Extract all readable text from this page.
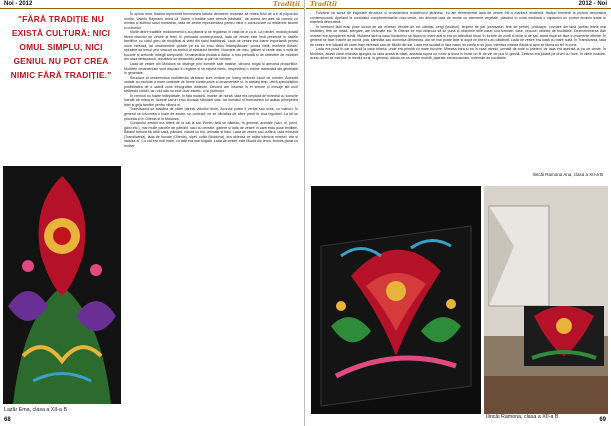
Noi - 2012	Tradiții
"FĂRĂ TRADIȚIE NU EXISTĂ CULTURĂ: NICI OMUL SIMPLU, NICI GENIUL NU POT CREA NIMIC FĂRĂ TRADIȚIE."

În opinia mea, tradiția reprezintă frumusețea satului deoarece reușește să redea felul de a fi al poporului nostru. Valeriu Râpeanu zicea că "Avem o tradiție care trebuie păstrată", de aceea am ales să cunosc cu mintea și sufletul satul românesc, lada de zestre reprezentând pentru mine o comunicare cu misterele istoriei și culturilor.

Multe dintre tradițiile moldovenești s-au păstrat și se regăsesc în viața de zi cu zi. La români, mobila pictată făcea obiectul de zestre al fetei. În perioada contemporană, lada de zestre este încă prezentă în casele familiilor, cu ciclul greu de modificat al vieții din satul tradițional. Lada de zestre era foarte importantă pentru orice mireasă, iar ornamentele pictate pe ea nu erau deloc întâmplătoare: pomul vieții, motivele florale, spiralele au trecut prin veacuri ca simbol al statutului familiei. Nuanțele de roșu, galben și verde dau o notă de bucurie și armonie întregii compoziții. Ornamentica pictată a lăzilor a fost preluată și de obiectele de mobilier din casa țărănească, rezultând un ansamblu unitar și plin de culoare.

Lada de zestre din Moldova se distinge prin formele sale masive, decorul bogat și armonia proporțiilor. Motivele ornamentale sunt dispuse în registre și se repetă ritmic, respectând o ordine transmisă din generație în generație.

Structura și ornamentica mobilierului țărănesc sunt unitare pe întreg teritoriul locuit de români. Această unitate nu exclude o mare varietate de forme constructive și ornamentale și, în același timp, oferă specialiștilor posibilitatea de a stabili zone etnografice distincte. Decorul are înscrise în el semne și mesaje ale unei străvechi culturi, iar rolul său nu este doar estetic, ci și protector.

În vremuri nu foarte îndepărtate, în fața noastră, înainte de nuntă, lada era umplută de mireasă cu lucrurile lucrate de mâna ei. Aceste lucruri erau dovada hărniciei sale, iar numărul și frumusețea lor arătau priceperea fetei și grija familiei pentru viitorul ei.

Transilvania se stabilea de către părinții viitorilor tineri. Acordul putea fi verbal sau scris, cu martori. În general se întocmea o foaie de zestre, un contract, ce se oficializa de către preot în ziua logodnei. La fel se proceda și în Oltenia și în Moldova.

Conținutul zestrei era diferit de la sat la sat. Pentru fată se dădeau, în general, animale (vaci, oi, porci, găini etc.), mai multe parcele de pământ, saci cu cereale, gatiere și lada de zestre în care erau puse textilele. Băiatul trebuia să aibă casă, pământ, căruță cu boi, animale și bani. Lada de zestre sau cufărul, lada mireasă (Transilvania), lada de bucate (Oltenia), sipet, cufăr (Moldova), era obiectul ce arăta hărnicia miresei, dar și statutul ei. Cu cât era mai mare, cu atât era mai bogată. Lada de zestre este făcută din lemn, frumos pictat cu motive

Lazăr Ema, clasa a XII-a B
68
Tradiții	2012 - Noi

Folosind ca sursă de inspirație structura și ornamentica mobilierului țărănesc, eu am reinterpretat lada de zestre într-o manieră modernă, făcând trimitere la pictura decorativă contemporană. Apelând la contrastul complementarilor roșu-verde, am decorat lada de zestre cu elemente vegetale, plasând în zona mediană o capacelul un portret feminin tratat în manieră decorativă.

În interiorul lăzii erau puse lucruri de ale miresei, fiecare de ea: cămăși, cergi (țesături), lenjerie de pat (cearșafuri, fețe de perne), prosoape, covoare din lână (aveau fetele mai înstărite), fețe de masă, ștergare, ațe înrămate etc. În Oltenia se mai obișnuia să se pună și obiectele utile casei nou-formate: vase, ceaune, obiecte de bucătărie. Dezmembrarea lăzii miresei era apropierea nunții. Mutarea lăzii la casa încuscrilor se făcea cu mare alai și era un adevărat ritual. În funcție de zonă și chiar și de sat, acest ritual se face în momente diferite. În general se face înainte de nuntă, joia, sâmbăta sau duminica dimineața, dar se mai poate face și după ce tinerii s-au căsătorit. Lada de zestre era luată cu mare suită. În Transilvania, lada de zestre era ridicată de câtre frații mireasei sau de flăcăii din sat. Lada era scoasă în fața casei, se cânta și se juca, mireasa cinstea flăcăii și apoi se făcea un fel în curte.

Lada era pusă în car și dusă la casa mirelui, unde era primită cu mare bucurie. Mireasa intra și ea în casa mirelui, urmată de rude și prieteni, iar lada era așezată la loc de cinste. În Moldova, atunci când mireasa ajungea cu lada acasă la băiat, aceasta rupea un colac și ținea în brațe un fir de vin de pus în grindă. Zestrea era jucată pe drum cu hore. În zilele noastre, acest obicei se mai ține în mediul rural, în general, dându-se ca zestre mobilă, aparate electrocasnice, ustensile de bucătărie.

Ilincăi Ramona Ana, clasa a XII-a B
Ilincăi Ramona, clasa a XII-a B	69
